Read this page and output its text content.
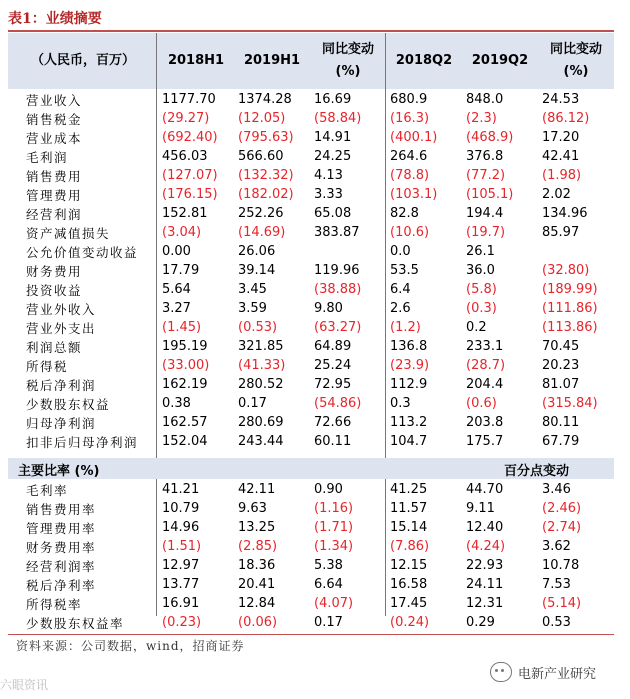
表1：业绩摘要
（人民币，百万）	2018H1	2019H1
同比变动
(%)
2018Q2	2019Q2
同比变动
(%)
营业收入	1177.70	1374.28	16.69	680.9	848.0	24.53
销售税金	(29.27)	(12.05)	(58.84)	(16.3)	(2.3)	(86.12)
营业成本	(692.40)	(795.63)	14.91	(400.1)	(468.9)	17.20
毛利润	456.03	566.60	24.25	264.6	376.8	42.41
销售费用	(127.07)	(132.32)	4.13	(78.8)	(77.2)	(1.98)
管理费用	(176.15)	(182.02)	3.33	(103.1)	(105.1)	2.02
经营利润	152.81	252.26	65.08	82.8	194.4	134.96
资产减值损失	(3.04)	(14.69)	383.87	(10.6)	(19.7)	85.97
公允价值变动收益	0.00	26.06		0.0	26.1	
财务费用	17.79	39.14	119.96	53.5	36.0	(32.80)
投资收益	5.64	3.45	(38.88)	6.4	(5.8)	(189.99)
营业外收入	3.27	3.59	9.80	2.6	(0.3)	(111.86)
营业外支出	(1.45)	(0.53)	(63.27)	(1.2)	0.2	(113.86)
利润总额	195.19	321.85	64.89	136.8	233.1	70.45
所得税	(33.00)	(41.33)	25.24	(23.9)	(28.7)	20.23
税后净利润	162.19	280.52	72.95	112.9	204.4	81.07
少数股东权益	0.38	0.17	(54.86)	0.3	(0.6)	(315.84)
归母净利润	162.57	280.69	72.66	113.2	203.8	80.11
扣非后归母净利润	152.04	243.44	60.11	104.7	175.7	67.79
主要比率 (%)	百分点变动
毛利率	41.21	42.11	0.90	41.25	44.70	3.46
销售费用率	10.79	9.63	(1.16)	11.57	9.11	(2.46)
管理费用率	14.96	13.25	(1.71)	15.14	12.40	(2.74)
财务费用率	(1.51)	(2.85)	(1.34)	(7.86)	(4.24)	3.62
经营利润率	12.97	18.36	5.38	12.15	22.93	10.78
税后净利率	13.77	20.41	6.64	16.58	24.11	7.53
所得税率	16.91	12.84	(4.07)	17.45	12.31	(5.14)
少数股东权益率	(0.23)	(0.06)	0.17	(0.24)	0.29	0.53
资料来源：公司数据，wind，招商证券
电新产业研究
六眼资讯
